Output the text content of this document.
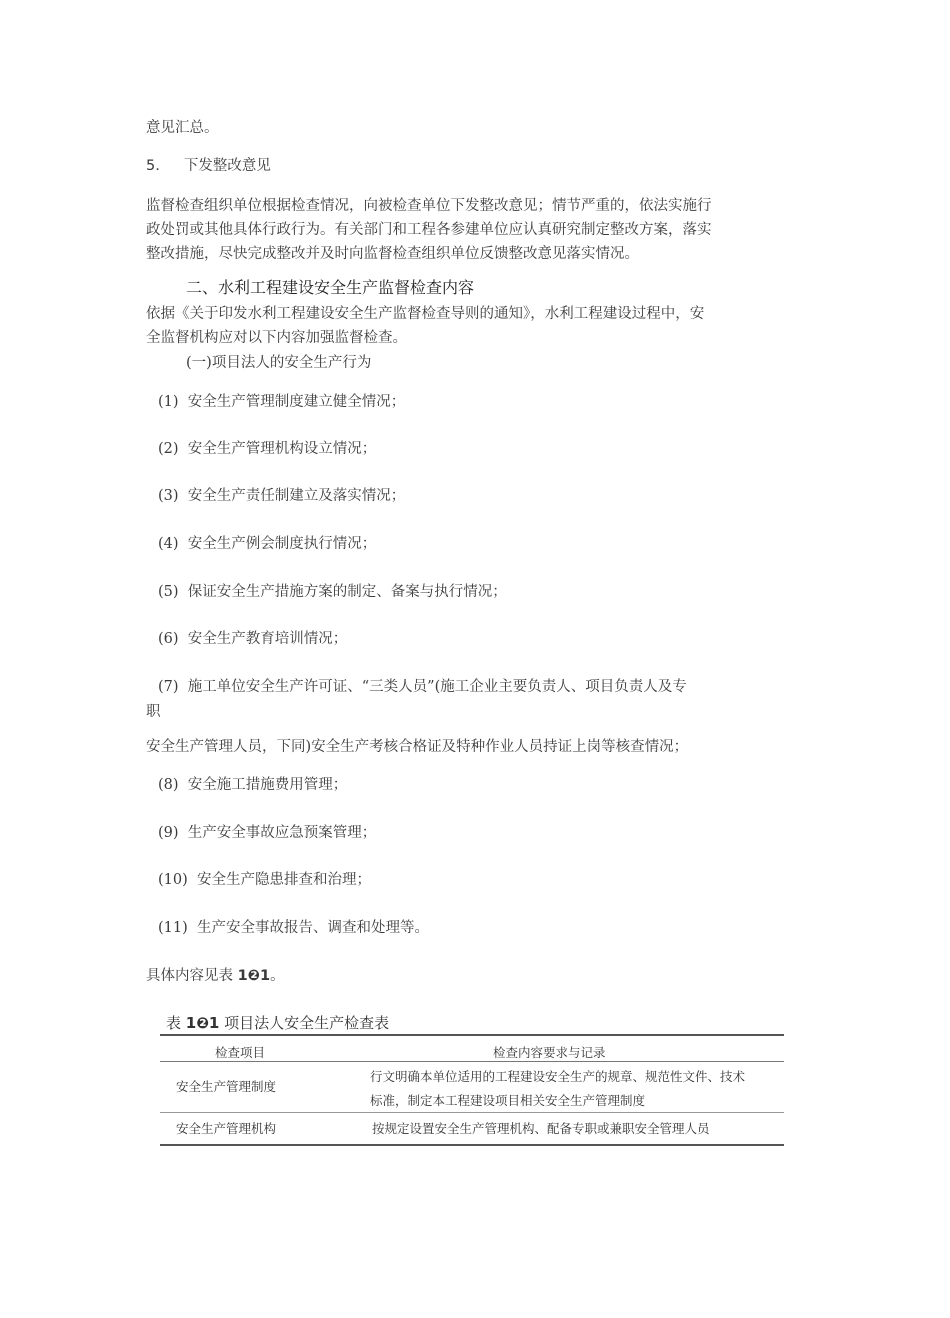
意见汇总。
5. 下发整改意见
监督检查组织单位根据检查情况，向被检查单位下发整改意见；情节严重的，依法实施行
政处罚或其他具体行政行为。有关部门和工程各参建单位应认真研究制定整改方案，落实
整改措施，尽快完成整改并及时向监督检查组织单位反馈整改意见落实情况。
二、水利工程建设安全生产监督检查内容
依据《关于印发水利工程建设安全生产监督检查导则的通知》，水利工程建设过程中，安
全监督机构应对以下内容加强监督检查。
(一)项目法人的安全生产行为
(1) 安全生产管理制度建立健全情况；
(2) 安全生产管理机构设立情况；
(3) 安全生产责任制建立及落实情况；
(4) 安全生产例会制度执行情况；
(5) 保证安全生产措施方案的制定、备案与执行情况；
(6) 安全生产教育培训情况；
(7) 施工单位安全生产许可证、“三类人员”(施工企业主要负责人、项目负责人及专
职
安全生产管理人员，下同)安全生产考核合格证及特种作业人员持证上岗等核查情况；
(8) 安全施工措施费用管理；
(9) 生产安全事故应急预案管理；
(10) 安全生产隐患排查和治理；
(11) 生产安全事故报告、调查和处理等。
具体内容见表 1❷1。
表 1❷1 项目法人安全生产检查表
检查项目	检查内容要求与记录
安全生产管理制度
行文明确本单位适用的工程建设安全生产的规章、规范性文件、技术
标准，制定本工程建设项目相关安全生产管理制度
安全生产管理机构	按规定设置安全生产管理机构、配备专职或兼职安全管理人员
